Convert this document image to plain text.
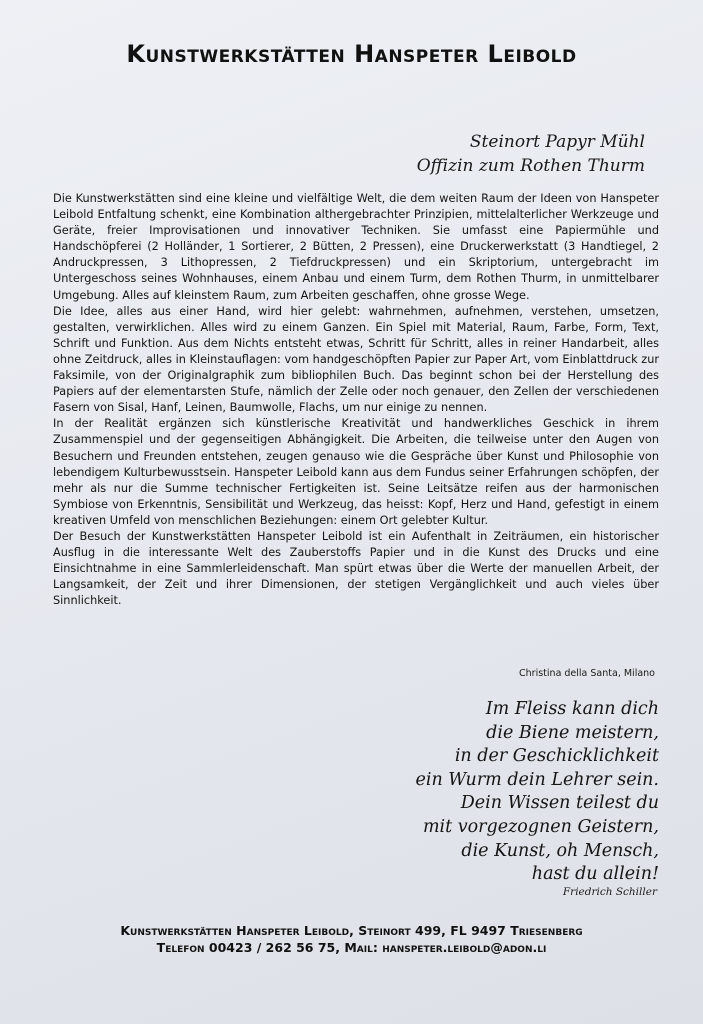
Kunstwerkstätten Hanspeter Leibold
Steinort Papyr Mühl
Offizin zum Rothen Thurm

Die Kunstwerkstätten sind eine kleine und vielfältige Welt, die dem weiten Raum der Ideen von Hanspeter Leibold Entfaltung schenkt, eine Kombination althergebrachter Prinzipien, mittelalterlicher Werkzeuge und Geräte, freier Improvisationen und innovativer Techniken. Sie umfasst eine Papiermühle und Handschöpferei (2 Holländer, 1 Sortierer, 2 Bütten, 2 Pressen), eine Druckerwerkstatt (3 Handtiegel, 2 Andruckpressen, 3 Lithopressen, 2 Tiefdruckpressen) und ein Skriptorium, untergebracht im Untergeschoss seines Wohnhauses, einem Anbau und einem Turm, dem Rothen Thurm, in unmittelbarer Umgebung. Alles auf kleinstem Raum, zum Arbeiten geschaffen, ohne grosse Wege.

Die Idee, alles aus einer Hand, wird hier gelebt: wahrnehmen, aufnehmen, verstehen, umsetzen, gestalten, verwirklichen. Alles wird zu einem Ganzen. Ein Spiel mit Material, Raum, Farbe, Form, Text, Schrift und Funktion. Aus dem Nichts entsteht etwas, Schritt für Schritt, alles in reiner Handarbeit, alles ohne Zeitdruck, alles in Kleinstauflagen: vom handgeschöpften Papier zur Paper Art, vom Einblattdruck zur Faksimile, von der Originalgraphik zum bibliophilen Buch. Das beginnt schon bei der Herstellung des Papiers auf der elementarsten Stufe, nämlich der Zelle oder noch genauer, den Zellen der verschiedenen Fasern von Sisal, Hanf, Leinen, Baumwolle, Flachs, um nur einige zu nennen.

In der Realität ergänzen sich künstlerische Kreativität und handwerkliches Geschick in ihrem Zusammenspiel und der gegenseitigen Abhängigkeit. Die Arbeiten, die teilweise unter den Augen von Besuchern und Freunden entstehen, zeugen genauso wie die Gespräche über Kunst und Philosophie von lebendigem Kulturbewusstsein. Hanspeter Leibold kann aus dem Fundus seiner Erfahrungen schöpfen, der mehr als nur die Summe technischer Fertigkeiten ist. Seine Leitsätze reifen aus der harmonischen Symbiose von Erkenntnis, Sensibilität und Werkzeug, das heisst: Kopf, Herz und Hand, gefestigt in einem kreativen Umfeld von menschlichen Beziehungen: einem Ort gelebter Kultur.

Der Besuch der Kunstwerkstätten Hanspeter Leibold ist ein Aufenthalt in Zeiträumen, ein historischer Ausflug in die interessante Welt des Zauberstoffs Papier und in die Kunst des Drucks und eine Einsichtnahme in eine Sammlerleidenschaft. Man spürt etwas über die Werte der manuellen Arbeit, der Langsamkeit, der Zeit und ihrer Dimensionen, der stetigen Vergänglichkeit und auch vieles über Sinnlichkeit.

Christina della Santa, Milano
Im Fleiss kann dich
die Biene meistern,
in der Geschicklichkeit
ein Wurm dein Lehrer sein.
Dein Wissen teilest du
mit vorgezognen Geistern,
die Kunst, oh Mensch,
hast du allein!
Friedrich Schiller
Kunstwerkstätten Hanspeter Leibold, Steinort 499, FL 9497 Triesenberg
Telefon 00423 / 262 56 75, Mail: hanspeter.leibold@adon.li
